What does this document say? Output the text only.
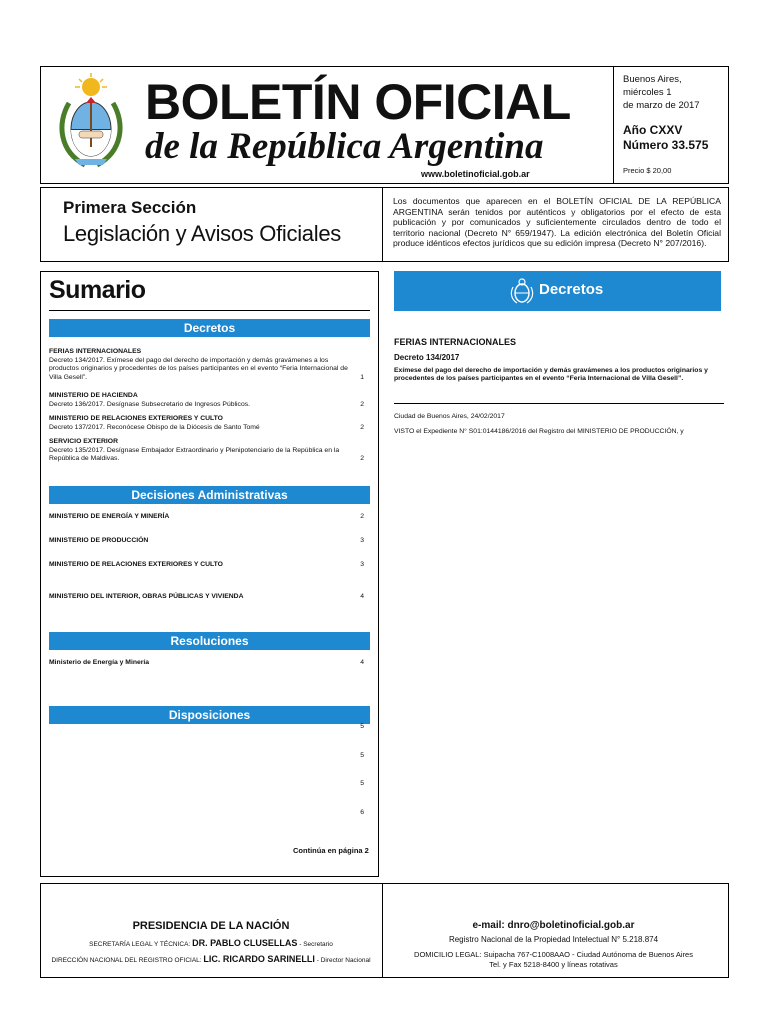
BOLETÍN OFICIAL
de la República Argentina
www.boletinoficial.gob.ar
Buenos Aires,
miércoles 1
de marzo de 2017
Año CXXV
Número 33.575
Precio $ 20,00
Primera Sección
Legislación y Avisos Oficiales
Los documentos que aparecen en el BOLETÍN OFICIAL DE LA REPÚBLICA ARGENTINA serán tenidos por auténticos y obligatorios por el efecto de esta publicación y por comunicados y suficientemente circulados dentro de todo el territorio nacional (Decreto N° 659/1947). La edición electrónica del Boletín Oficial produce idénticos efectos jurídicos que su edición impresa (Decreto N° 207/2016).
Sumario
Decretos
FERIAS INTERNACIONALES
Decreto 134/2017. Exímese del pago del derecho de importación y demás gravámenes a los productos originarios y procedentes de los países participantes en el evento “Feria Internacional de Villa Gesell”.	1
MINISTERIO DE HACIENDA
Decreto 136/2017. Desígnase Subsecretario de Ingresos Públicos.	2
MINISTERIO DE RELACIONES EXTERIORES Y CULTO
Decreto 137/2017. Reconócese Obispo de la Diócesis de Santo Tomé	2
SERVICIO EXTERIOR
Decreto 135/2017. Desígnase Embajador Extraordinario y Plenipotenciario de la República en la República de Maldivas.	2
Decisiones Administrativas
MINISTERIO DE ENERGÍA Y MINERÍA	2
MINISTERIO DE PRODUCCIÓN	3
MINISTERIO DE RELACIONES EXTERIORES Y CULTO	3
MINISTERIO DEL INTERIOR, OBRAS PÚBLICAS Y VIVIENDA	4
Resoluciones
Ministerio de Energía y Minería	4
Disposiciones
5
5
5
6
Continúa en página 2
Decretos
FERIAS INTERNACIONALES
Decreto 134/2017
Exímese del pago del derecho de importación y demás gravámenes a los productos originarios y procedentes de los países participantes en el evento “Feria Internacional de Villa Gesell”.
Ciudad de Buenos Aires, 24/02/2017
VISTO el Expediente N° S01:0144186/2016 del Registro del MINISTERIO DE PRODUCCIÓN, y
PRESIDENCIA DE LA NACIÓN
SECRETARÍA LEGAL Y TÉCNICA: DR. PABLO CLUSELLAS - Secretario
DIRECCIÓN NACIONAL DEL REGISTRO OFICIAL: LIC. RICARDO SARINELLI - Director Nacional
e-mail: dnro@boletinoficial.gob.ar
Registro Nacional de la Propiedad Intelectual N° 5.218.874
DOMICILIO LEGAL: Suipacha 767-C1008AAO - Ciudad Autónoma de Buenos Aires
Tel. y Fax 5218-8400 y líneas rotativas
